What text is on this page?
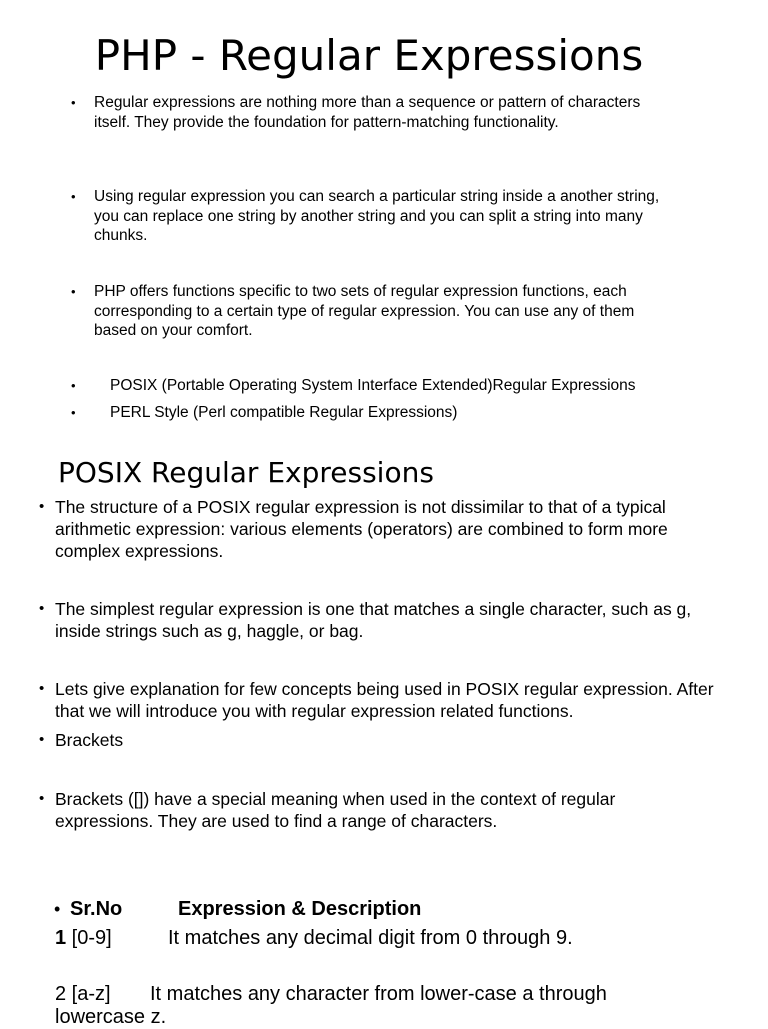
PHP - Regular Expressions
• Regular expressions are nothing more than a sequence or pattern of characters itself. They provide the foundation for pattern-matching functionality.
• Using regular expression you can search a particular string inside a another string, you can replace one string by another string and you can split a string into many chunks.
• PHP offers functions specific to two sets of regular expression functions, each corresponding to a certain type of regular expression. You can use any of them based on your comfort.
• POSIX (Portable Operating System Interface Extended)Regular Expressions
• PERL Style (Perl compatible Regular Expressions)
POSIX Regular Expressions
• The structure of a POSIX regular expression is not dissimilar to that of a typical arithmetic expression: various elements (operators) are combined to form more complex expressions.
• The simplest regular expression is one that matches a single character, such as g, inside strings such as g, haggle, or bag.
• Lets give explanation for few concepts being used in POSIX regular expression. After that we will introduce you with regular expression related functions.
• Brackets
• Brackets ([]) have a special meaning when used in the context of regular expressions. They are used to find a range of characters.
• Sr.No	Expression & Description
1 [0-9]	It matches any decimal digit from 0 through 9.
2 [a-z] It matches any character from lower-case a through
lowercase z.
